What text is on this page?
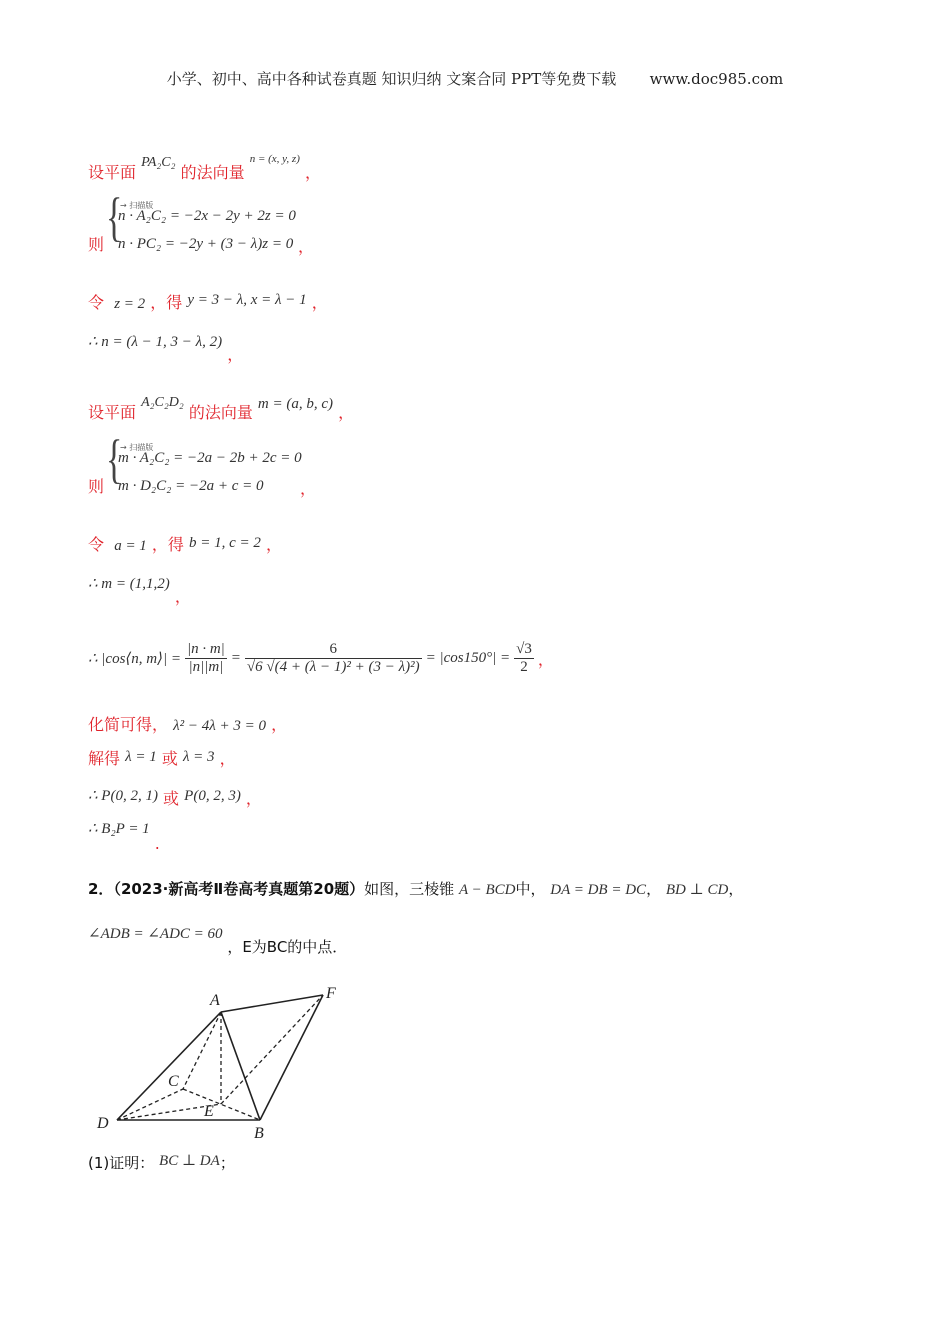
小学、初中、高中各种试卷真题 知识归纳 文案合同 PPT等免费下载 www.doc985.com
设平面 PA₂C₂ 的法向量 $^{n = (x, y, z)}$ ，
则 {
→ 扫描版
n · A₂C₂ = −2x − 2y + 2z = 0
n · PC₂ = −2y + (3 − λ)z = 0 ，
令 z = 2 ，得 y = 3 − λ, x = λ − 1 ，
∴ n = (λ − 1, 3 − λ, 2) ，
设平面 A₂C₂D₂ 的法向量 m = (a, b, c) ，
则 {
→ 扫描版
m · A₂C₂ = −2a − 2b + 2c = 0
m · D₂C₂ = −2a + c = 0 ，
令 a = 1 ，得 b = 1, c = 2 ，
∴ m = (1,1,2) ，
∴ |cos⟨n, m⟩| = $\frac{|n \cdot m|}{|n||m|} = \frac{6}{\text{√6 √(4 + (λ − 1)² + (3 − λ)²)}} = |\cos 150^\circ| = \frac{√3}{2}$ ，
化简可得， λ² − 4λ + 3 = 0 ，
解得 λ = 1 或 λ = 3 ，
∴ P(0, 2, 1) 或 P(0, 2, 3) ，
∴ B₂P = 1 .
2．（2023·新高考Ⅱ卷高考真题第20题）如图，三棱锥 A − BCD中， DA = DB = DC， BD ⊥ CD，
∠ADB = ∠ADC = 60 ，E为BC的中点．
A	F
C
E
D
B
(1)证明： BC ⊥ DA；
